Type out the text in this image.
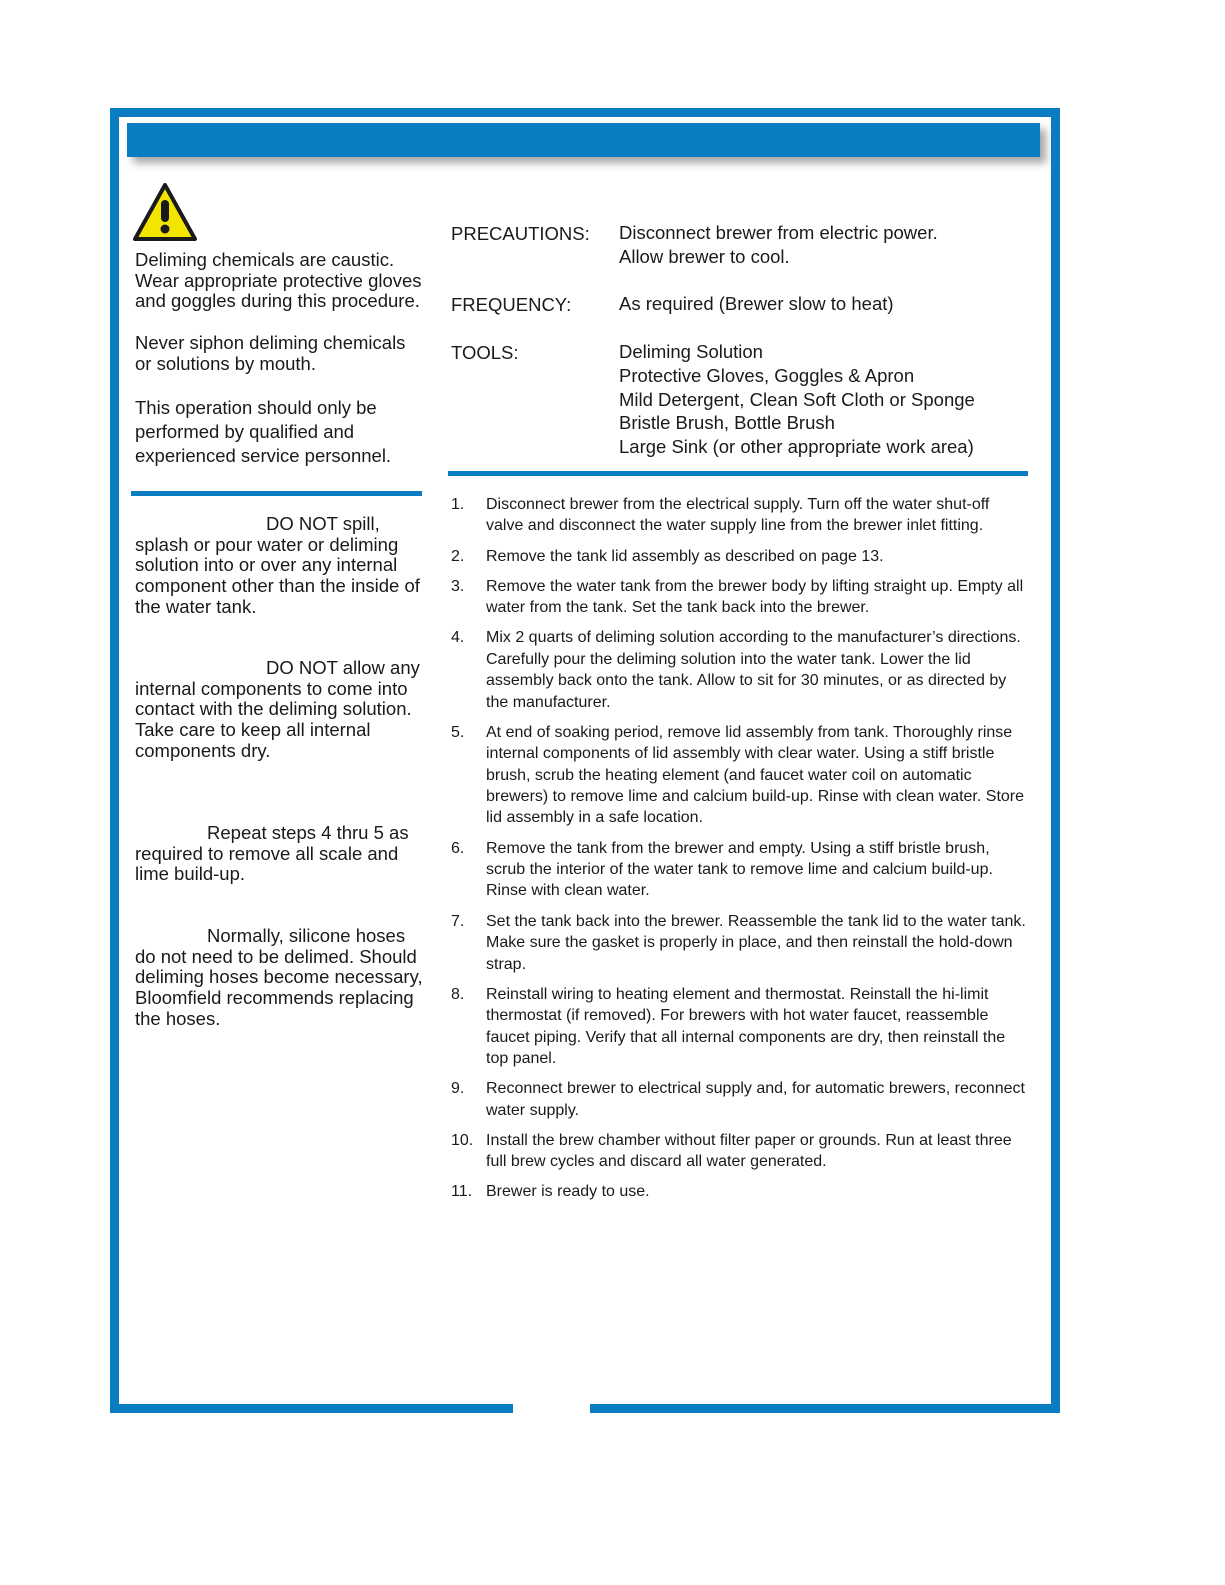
Deliming chemicals are caustic. Wear appropriate protective gloves and goggles during this procedure.

Never siphon deliming chemicals or solutions by mouth.

This operation should only be performed by qualified and experienced service personnel.

DO NOT spill, splash or pour water or deliming solution into or over any internal component other than the inside of the water tank.

DO NOT allow any internal components to come into contact with the deliming solution. Take care to keep all internal components dry.

Repeat steps 4 thru 5 as required to remove all scale and lime build-up.

Normally, silicone hoses do not need to be delimed. Should deliming hoses become necessary, Bloomfield recommends replacing the hoses.

PRECAUTIONS: Disconnect brewer from electric power.
Allow brewer to cool.

FREQUENCY:	As required (Brewer slow to heat)

TOOLS:	Deliming Solution
Protective Gloves, Goggles & Apron
Mild Detergent, Clean Soft Cloth or Sponge
Bristle Brush, Bottle Brush
Large Sink (or other appropriate work area)
1.	Disconnect brewer from the electrical supply. Turn off the water shut-off valve and disconnect the water supply line from the brewer inlet fitting.
2.	Remove the tank lid assembly as described on page 13.
3.	Remove the water tank from the brewer body by lifting straight up. Empty all water from the tank. Set the tank back into the brewer.
4.	Mix 2 quarts of deliming solution according to the manufacturer’s directions. Carefully pour the deliming solution into the water tank. Lower the lid assembly back onto the tank. Allow to sit for 30 minutes, or as directed by the manufacturer.
5.	At end of soaking period, remove lid assembly from tank. Thoroughly rinse internal components of lid assembly with clear water. Using a stiff bristle brush, scrub the heating element (and faucet water coil on automatic brewers) to remove lime and calcium build-up. Rinse with clean water. Store lid assembly in a safe location.
6.	Remove the tank from the brewer and empty. Using a stiff bristle brush, scrub the interior of the water tank to remove lime and calcium build-up. Rinse with clean water.
7.	Set the tank back into the brewer. Reassemble the tank lid to the water tank. Make sure the gasket is properly in place, and then reinstall the hold-down strap.
8.	Reinstall wiring to heating element and thermostat. Reinstall the hi-limit thermostat (if removed). For brewers with hot water faucet, reassemble faucet piping. Verify that all internal components are dry, then reinstall the top panel.
9.	Reconnect brewer to electrical supply and, for automatic brewers, reconnect water supply.
10. Install the brew chamber without filter paper or grounds. Run at least three full brew cycles and discard all water generated.
11. Brewer is ready to use.
